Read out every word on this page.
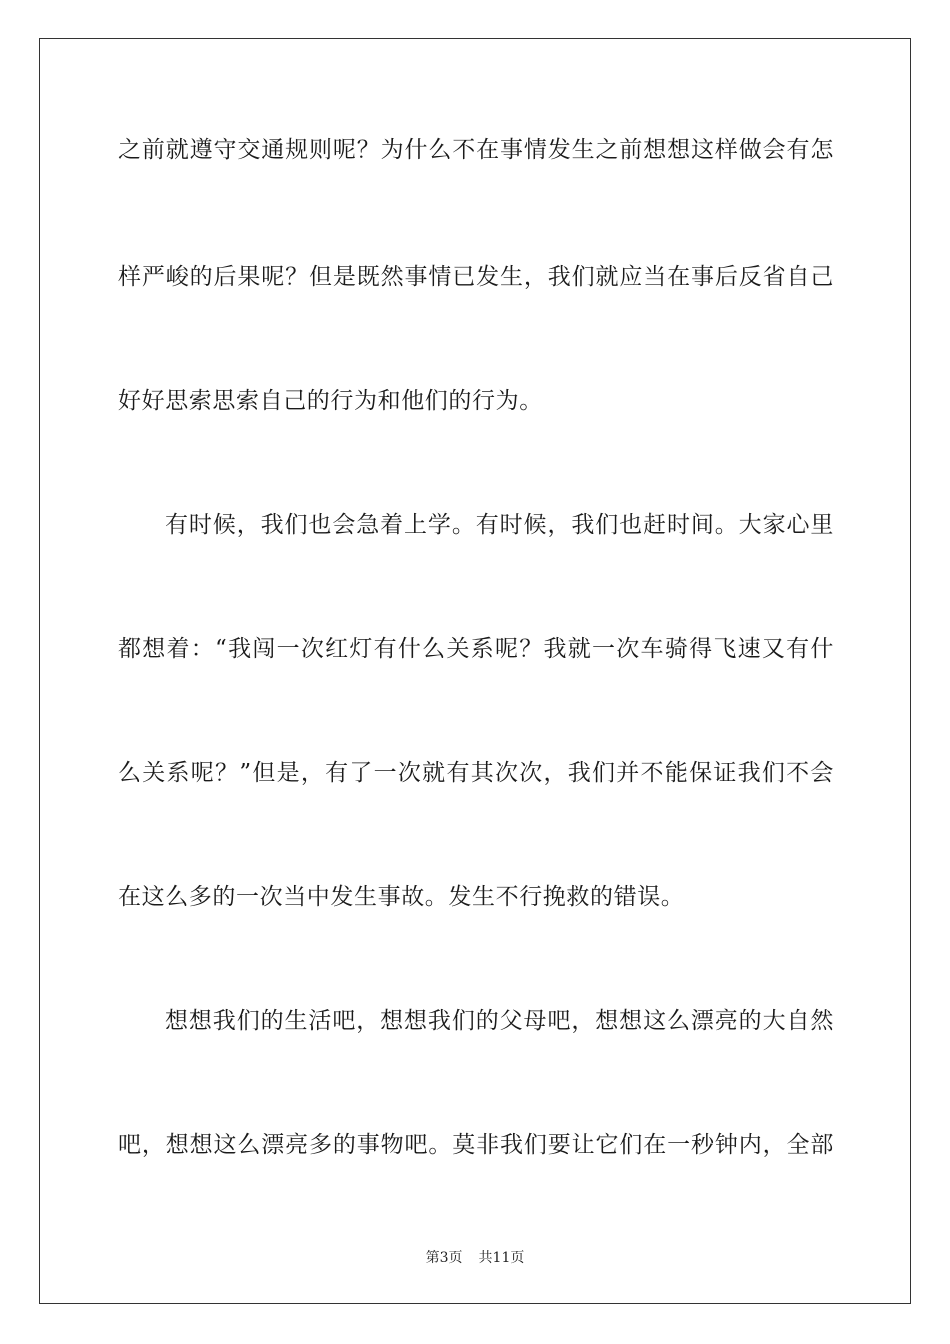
之前就遵守交通规则呢？为什么不在事情发生之前想想这样做会有怎
样严峻的后果呢？但是既然事情已发生，我们就应当在事后反省自己
好好思索思索自己的行为和他们的行为。
有时候，我们也会急着上学。有时候，我们也赶时间。大家心里
都想着：“我闯一次红灯有什么关系呢？我就一次车骑得飞速又有什
么关系呢？”但是，有了一次就有其次次，我们并不能保证我们不会
在这么多的一次当中发生事故。发生不行挽救的错误。
想想我们的生活吧，想想我们的父母吧，想想这么漂亮的大自然
吧，想想这么漂亮多的事物吧。莫非我们要让它们在一秒钟内，全部
第3页 共11页
